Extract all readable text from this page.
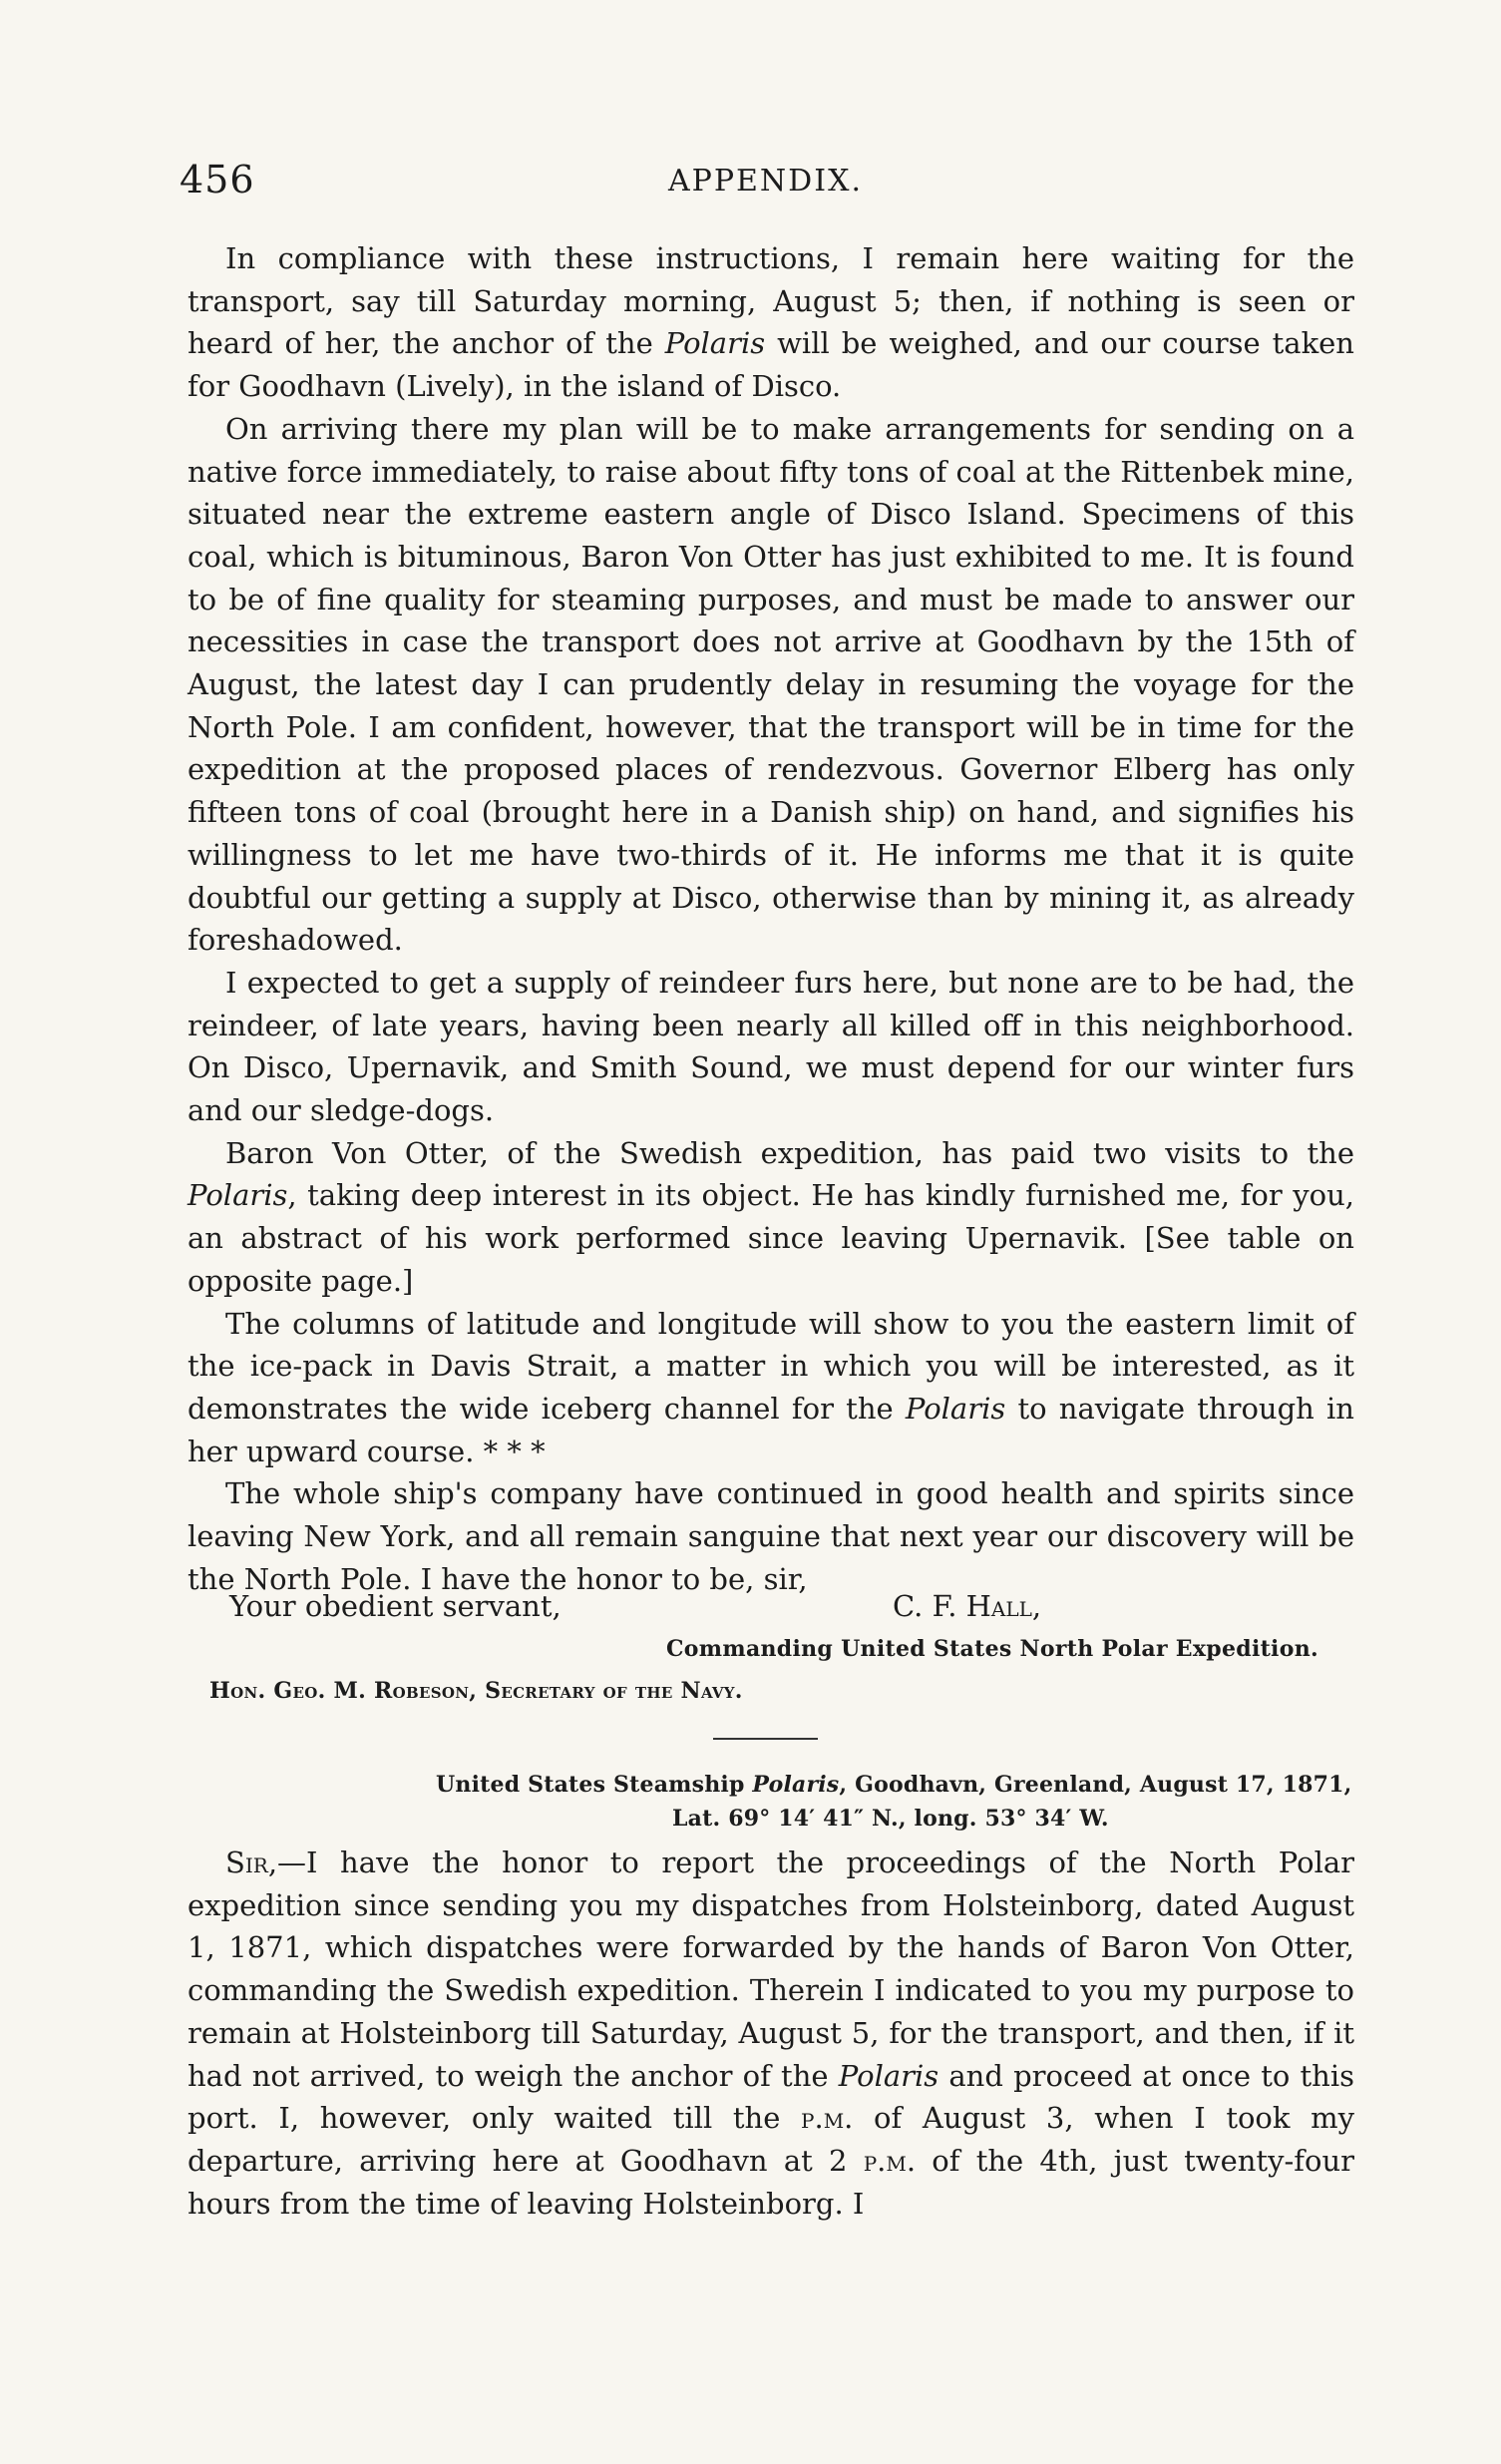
456	APPENDIX.

In compliance with these instructions, I remain here waiting for the transport, say till Saturday morning, August 5; then, if nothing is seen or heard of her, the anchor of the Polaris will be weighed, and our course taken for Goodhavn (Lively), in the island of Disco.

On arriving there my plan will be to make arrangements for sending on a native force immediately, to raise about fifty tons of coal at the Rittenbek mine, situated near the extreme eastern angle of Disco Island. Specimens of this coal, which is bituminous, Baron Von Otter has just exhibited to me. It is found to be of fine quality for steaming purposes, and must be made to answer our necessities in case the transport does not arrive at Goodhavn by the 15th of August, the latest day I can prudently delay in resuming the voyage for the North Pole. I am confident, however, that the transport will be in time for the expedition at the proposed places of rendezvous. Governor Elberg has only fifteen tons of coal (brought here in a Danish ship) on hand, and signifies his willingness to let me have two-thirds of it. He informs me that it is quite doubtful our getting a supply at Disco, otherwise than by mining it, as already foreshadowed.

I expected to get a supply of reindeer furs here, but none are to be had, the reindeer, of late years, having been nearly all killed off in this neighborhood. On Disco, Upernavik, and Smith Sound, we must depend for our winter furs and our sledge-dogs.

Baron Von Otter, of the Swedish expedition, has paid two visits to the Polaris, taking deep interest in its object. He has kindly furnished me, for you, an abstract of his work performed since leaving Upernavik. [See table on opposite page.]

The columns of latitude and longitude will show to you the eastern limit of the ice-pack in Davis Strait, a matter in which you will be interested, as it demonstrates the wide iceberg channel for the Polaris to navigate through in her upward course. * * *

The whole ship's company have continued in good health and spirits since leaving New York, and all remain sanguine that next year our discovery will be the North Pole. I have the honor to be, sir,

Your obedient servant,	C. F. Hall,
Commanding United States North Polar Expedition.
Hon. Geo. M. Robeson, Secretary of the Navy.
United States Steamship Polaris, Goodhavn, Greenland, August 17, 1871,
Lat. 69° 14′ 41″ N., long. 53° 34′ W.

Sir,—I have the honor to report the proceedings of the North Polar expedition since sending you my dispatches from Holsteinborg, dated August 1, 1871, which dispatches were forwarded by the hands of Baron Von Otter, commanding the Swedish expedition. Therein I indicated to you my purpose to remain at Holsteinborg till Saturday, August 5, for the transport, and then, if it had not arrived, to weigh the anchor of the Polaris and proceed at once to this port. I, however, only waited till the p.m. of August 3, when I took my departure, arriving here at Goodhavn at 2 p.m. of the 4th, just twenty-four hours from the time of leaving Holsteinborg. I
